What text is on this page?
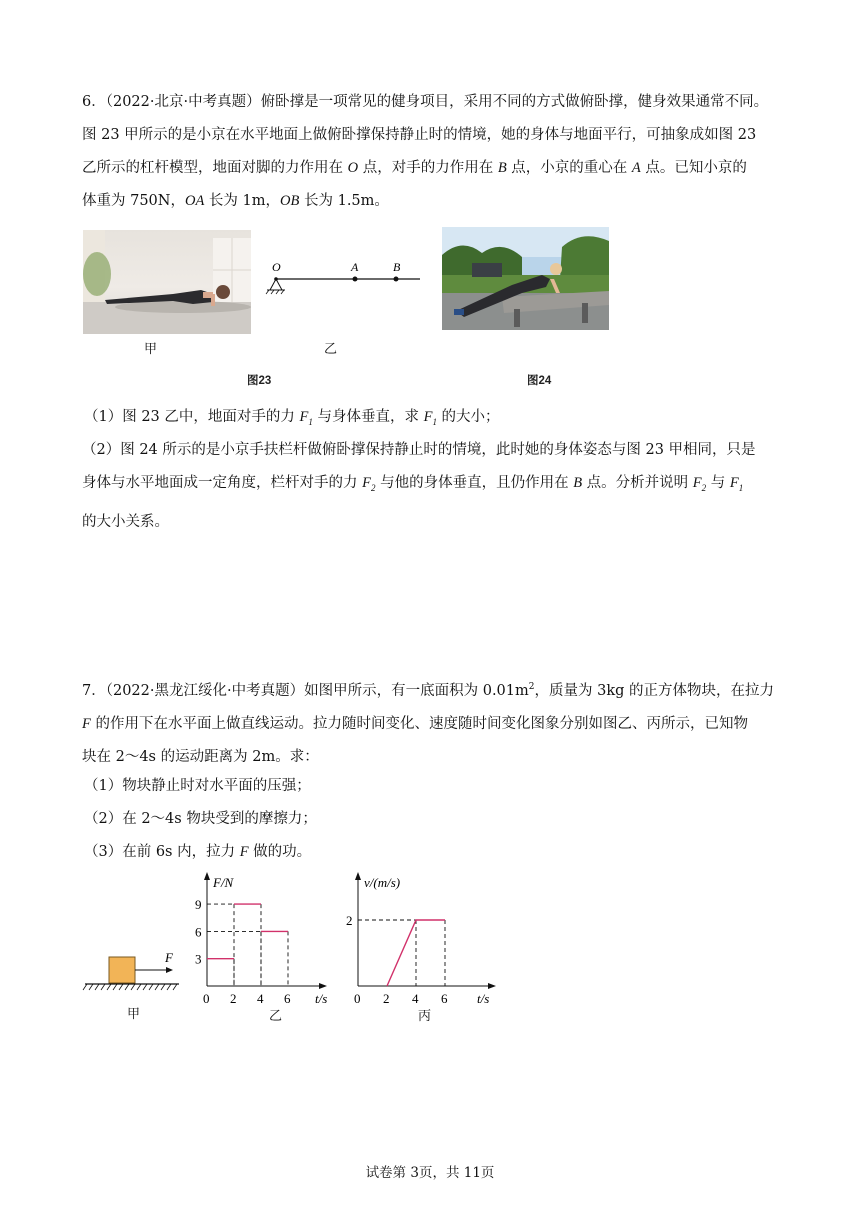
6．（2022·北京·中考真题）俯卧撑是一项常见的健身项目，采用不同的方式做俯卧撑，健身效果通常不同。
图 23 甲所示的是小京在水平地面上做俯卧撑保持静止时的情境，她的身体与地面平行，可抽象成如图 23
乙所示的杠杆模型，地面对脚的力作用在 O 点，对手的力作用在 B 点，小京的重心在 A 点。已知小京的
体重为 750N，OA 长为 1m，OB 长为 1.5m。
甲
O	A	B
乙
图23	图24
（1）图 23 乙中，地面对手的力 $F_1$ 与身体垂直，求 $F_1$ 的大小；
（2）图 24 所示的是小京手扶栏杆做俯卧撑保持静止时的情境，此时她的身体姿态与图 23 甲相同，只是
身体与水平地面成一定角度，栏杆对手的力 $F_2$ 与他的身体垂直，且仍作用在 B 点。分析并说明 $F_2$ 与 $F_1$
的大小关系。
7．（2022·黑龙江绥化·中考真题）如图甲所示，有一底面积为 $0.01m^2$，质量为 3kg 的正方体物块，在拉力
F 的作用下在水平面上做直线运动。拉力随时间变化、速度随时间变化图象分别如图乙、丙所示，已知物
块在 2～4s 的运动距离为 2m。求：
（1）物块静止时对水平面的压强；
（2）在 2～4s 物块受到的摩擦力；
（3）在前 6s 内，拉力 F 做的功。
F
甲
F/N
t/s
0 2 4 6
3
6
9
乙
v/(m/s)
t/s
0 2 4 6
2
丙
试卷第 3页，共 11页
